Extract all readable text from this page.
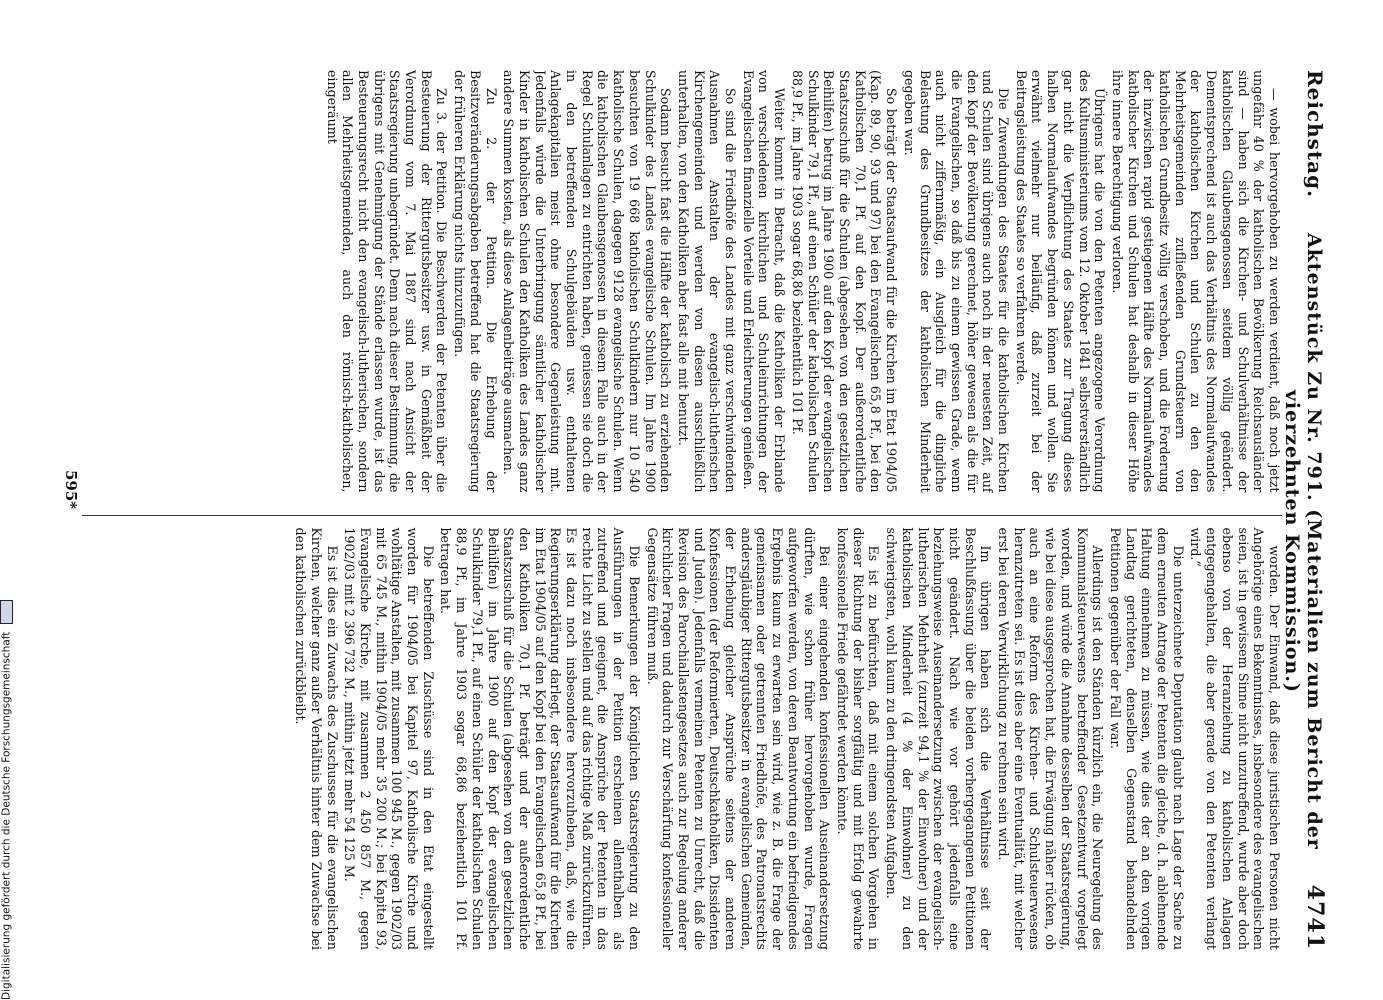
Reichstag.
Aktenstück Zu Nr. 791. (Materialien zum Bericht der vierzehnten Kommission.)
4741

— wobei hervorgehoben zu werden verdient, daß noch jetzt ungefähr 40 % der katholischen Bevölkerung Reichsausländer sind — haben sich die Kirchen- und Schulverhältnisse der katholischen Glaubensgenossen seitdem völlig geändert. Dementsprechend ist auch das Verhältnis des Normalaufwandes der katholischen Kirchen und Schulen zu den den Mehrheitsgemeinden zufließenden Grundsteuern von katholischen Grundbesitz völlig verschoben, und die Forderung der inzwischen rapid gestiegenen Hälfte des Normalaufwandes katholischer Kirchen und Schulen hat deshalb in dieser Höhe ihre innere Berechtigung verloren.

Übrigens hat die von den Petenten angezogene Verordnung des Kultusministeriums vom 12. Oktober 1841 selbstverständlich gar nicht die Verpflichtung des Staates zur Tragung dieses halben Normalaufwandes begründen können und wollen. Sie erwähnt vielmehr nur beiläufig, daß zurzeit bei der Beitragsleistung des Staates so verfahren werde.

Die Zuwendungen des Staates für die katholischen Kirchen und Schulen sind übrigens auch noch in der neuesten Zeit, auf den Kopf der Bevölkerung gerechnet, höher gewesen als die für die Evangelischen, so daß bis zu einem gewissen Grade, wenn auch nicht ziffernmäßig, ein Ausgleich für die dingliche Belastung des Grundbesitzes der katholischen Minderheit gegeben war.

So beträgt der Staatsaufwand für die Kirchen im Etat 1904/05 (Kap. 89, 90, 93 und 97) bei den Evangelischen 65,8 Pf., bei den Katholischen 70,1 Pf. auf den Kopf. Der außerordentliche Staatszuschuß für die Schulen (abgesehen von den gesetzlichen Beihilfen) betrug im Jahre 1900 auf den Kopf der evangelischen Schulkinder 79,1 Pf., auf einen Schüler der katholischen Schulen 88,9 Pf., im Jahre 1903 sogar 68,86 beziehentlich 101 Pf.

Weiter kommt in Betracht, daß die Katholiken der Erblande von verschiedenen kirchlichen und Schuleinrichtungen der Evangelischen finanzielle Vorteile und Erleichterungen genießen.

So sind die Friedhöfe des Landes mit ganz verschwindenden Ausnahmen Anstalten der evangelisch-lutherischen Kirchengemeinden und werden von diesen ausschließlich unterhalten, von den Katholiken aber fast alle mit benutzt.

Sodann besucht fast die Hälfte der katholisch zu erziehenden Schulkinder des Landes evangelische Schulen. Im Jahre 1900 besuchten von 19 668 katholischen Schulkindern nur 10 540 katholische Schulen, dagegen 9128 evangelische Schulen. Wenn die katholischen Glaubensgenossen in diesem Falle auch in der Regel Schulanlagen zu entrichten haben, geniessen sie doch die in den betreffenden Schulgebäuden usw. enthaltenen Anlagekapitalien meist ohne besondere Gegenleistung mit. Jedenfalls würde die Unterbringung sämtlicher katholischer Kinder in katholischen Schulen den Katholiken des Landes ganz andere Summen kosten, als diese Anlagenbeiträge ausmachen.

Zu 2. der Petition. Die Erhebung der Besitzveränderungsabgaben betreffend hat die Staatsregierung der früheren Erklärung nichts hinzuzufügen.

Zu 3. der Petition. Die Beschwerden der Petenten über die Besteuerung der Rittergutsbesitzer usw. in Gemäßheit der Verordnung vom 7. Mai 1887 sind nach Ansicht der Staatsregierung unbegründet. Denn nach dieser Bestimmung, die übrigens mit Genehmigung der Stände erlassen wurde, ist das Besteuerungsrecht nicht den evangelisch-lutherischen, sondern allen Mehrheitsgemeinden, auch den römisch-katholischen, eingeräumt

worden. Der Einwand, daß diese juristischen Personen nicht Angehörige eines Bekenntnisses, insbesondere des evangelischen seien, ist in gewissem Sinne nicht unzutreffend, wurde aber doch ebenso von der Heranziehung zu katholischen Anlagen entgegengehalten, die aber gerade von den Petenten verlangt wird.“

Die unterzeichnete Deputation glaubt nach Lage der Sache zu dem erneuten Antrage der Petenten die gleiche, d. h. ablehnende Haltung einnehmen zu müssen, wie dies der an den vorigen Landtag gerichteten, denselben Gegenstand behandelnden Petitionen gegenüber der Fall war.

Allerdings ist den Ständen kürzlich ein, die Neuregelung des Kommunalsteuerwesens betreffender Gesetzentwurf vorgelegt worden, und würde die Annahme desselben der Staatsregierung, wie bei diese ausgesprochen hat, die Erwägung näher rücken, ob auch an eine Reform des Kirchen- und Schulsteuerwesens heranzutreten sei. Es ist dies aber eine Eventualität, mit welcher erst bei deren Verwirklichung zu rechnen sein wird.

Im übrigen haben sich die Verhältnisse seit der Beschlußfassung über die beiden vorhergegangenen Petitionen nicht geändert. Nach wie vor gehört jedenfalls eine beziehungsweise Auseinandersetzung zwischen der evangelisch-lutherischen Mehrheit (zurzeit 94,1 % der Einwohner) und der katholischen Minderheit (4 % der Einwohner) zu den schwierigsten, wohl kaum zu den dringendsten Aufgaben.

Es ist zu befürchten, daß mit einem solchen Vorgehen in dieser Richtung der bisher sorgfältig und mit Erfolg gewahrte konfessionelle Friede gefährdet werden könnte.

Bei einer eingehenden konfessionellen Auseinandersetzung dürften, wie schon früher hervorgehoben wurde, Fragen aufgeworfen werden, von deren Beantwortung ein befriedigendes Ergebnis kaum zu erwarten sein wird, wie z. B. die Frage der gemeinsamen oder getrennten Friedhöfe, des Patronatsrechts andersgläubiger Rittergutsbesitzer in evangelischen Gemeinden, der Erhebung gleicher Ansprüche seitens der anderen Konfessionen (der Reformierten, Deutschkatholiken, Dissidenten und Juden). Jedenfalls vermeinen Petenten zu Unrecht, daß die Revision des Parochiallastengesetzes auch zur Regelung anderer kirchlicher Fragen und dadurch zur Verschärfung konfessioneller Gegensätze führen muß.

Die Bemerkungen der Königlichen Staatsregierung zu den Ausführungen in der Petition erscheinen allenthalben als zutreffend und geeignet, die Ansprüche der Petenten in das rechte Licht zu stellen und auf das richtige Maß zurückzuführen. Es ist dazu noch insbesondere hervorzuheben, daß, wie die Regierungserklärung darlegt, der Staatsaufwand für die Kirchen im Etat 1904/05 auf den Kopf bei den Evangelischen 65,8 Pf., bei den Katholiken 70,1 Pf. beträgt und der außerordentliche Staatszuschuß für die Schulen (abgesehen von den gesetzlichen Beihilfen) im Jahre 1900 auf den Kopf der evangelischen Schulkinder 79,1 Pf., auf einen Schüler der katholischen Schulen 88,9 Pf., im Jahre 1903 sogar 68,86 beziehentlich 101 Pf. betragen hat.

Die betreffenden Zuschüsse sind in den Etat eingestellt worden für 1904/05 bei Kapitel 97, Katholische Kirche und wohltätige Anstalten, mit zusammen 100 945 M., gegen 1902/03 mit 65 745 M., mithin 1904/05 mehr 35 200 M.; bei Kapitel 93, Evangelische Kirche, mit zusammen 2 450 857 M., gegen 1902/03 mit 2 396 732 M., mithin jetzt mehr 54 125 M.

Es ist dies ein Zuwachs des Zuschusses für die evangelischen Kirchen, welcher ganz außer Verhältnis hinter dem Zuwachse bei den katholischen zurückbleibt.

595*
Digitalisierung gefördert durch die Deutsche Forschungsgemeinschaft
